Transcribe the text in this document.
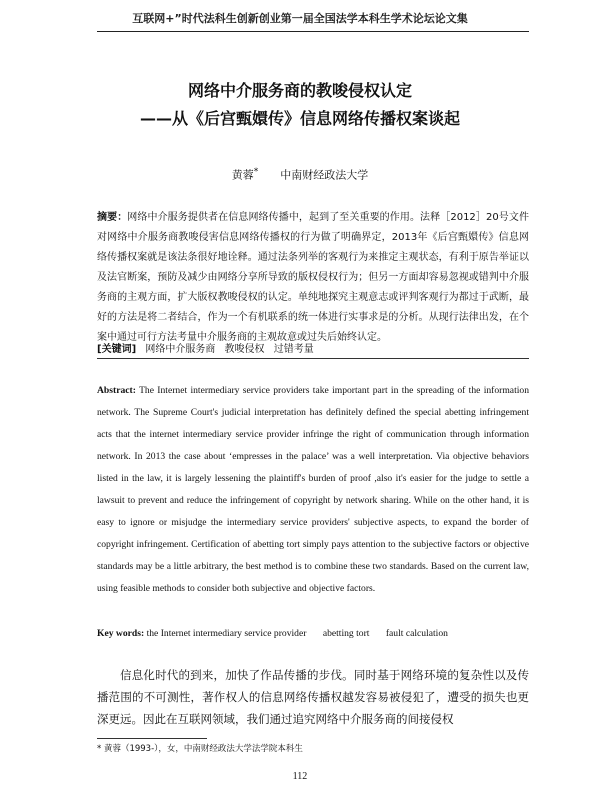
互联网+”时代法科生创新创业第一届全国法学本科生学术论坛论文集
网络中介服务商的教唆侵权认定
——从《后宫甄嬛传》信息网络传播权案谈起
黄蓉* 中南财经政法大学
摘要：网络中介服务提供者在信息网络传播中，起到了至关重要的作用。法释［2012］20号文件对网络中介服务商教唆侵害信息网络传播权的行为做了明确界定，2013年《后宫甄嬛传》信息网络传播权案就是该法条很好地诠释。通过法条列举的客观行为来推定主观状态，有利于原告举证以及法官断案，预防及减少由网络分享所导致的版权侵权行为；但另一方面却容易忽视或错判中介服务商的主观方面，扩大版权教唆侵权的认定。单纯地探究主观意志或评判客观行为都过于武断，最好的方法是将二者结合，作为一个有机联系的统一体进行实事求是的分析。从现行法律出发，在个案中通过可行方法考量中介服务商的主观故意或过失后始终认定。
[关键词] 网络中介服务商 教唆侵权 过错考量
Abstract: The Internet intermediary service providers take important part in the spreading of the information network. The Supreme Court's judicial interpretation has definitely defined the special abetting infringement acts that the internet intermediary service provider infringe the right of communication through information network. In 2013 the case about ‘empresses in the palace’ was a well interpretation. Via objective behaviors listed in the law, it is largely lessening the plaintiff's burden of proof ,also it's easier for the judge to settle a lawsuit to prevent and reduce the infringement of copyright by network sharing. While on the other hand, it is easy to ignore or misjudge the intermediary service providers' subjective aspects, to expand the border of copyright infringement. Certification of abetting tort simply pays attention to the subjective factors or objective standards may be a little arbitrary, the best method is to combine these two standards. Based on the current law, using feasible methods to consider both subjective and objective factors.
Key words: the Internet intermediary service provider abetting tort fault calculation
信息化时代的到来，加快了作品传播的步伐。同时基于网络环境的复杂性以及传播范围的不可测性，著作权人的信息网络传播权越发容易被侵犯了，遭受的损失也更深更远。因此在互联网领域，我们通过追究网络中介服务商的间接侵权
* 黄蓉（1993-），女，中南财经政法大学法学院本科生
112
